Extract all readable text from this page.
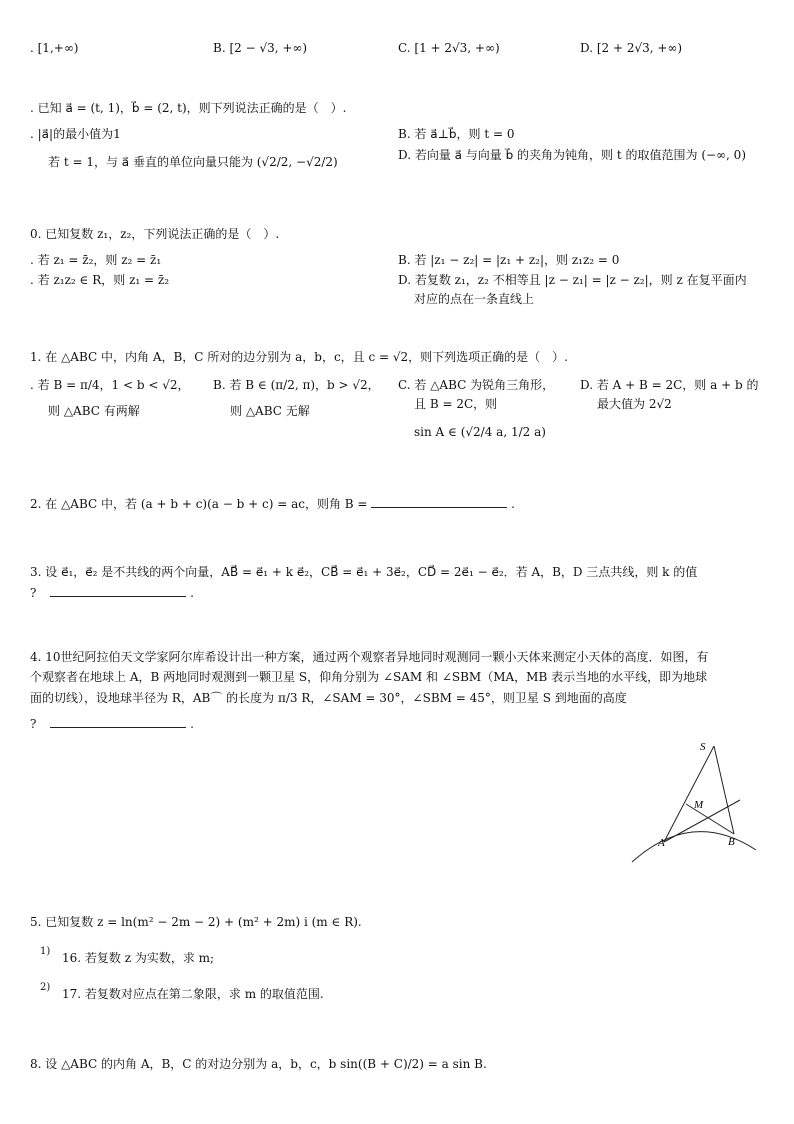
. [1,+∞)	B. [2 − √3, +∞)	C. [1 + 2√3, +∞)	D. [2 + 2√3, +∞)
. 已知 a⃗ = (t, 1)，b⃗ = (2, t)，则下列说法正确的是（　）.
. |a⃗|的最小值为1	B. 若 a⃗⊥b⃗，则 t = 0
若 t = 1，与 a⃗ 垂直的单位向量只能为 (√2/2, −√2/2)	D. 若向量 a⃗ 与向量 b⃗ 的夹角为钝角，则 t 的取值范围为 (−∞, 0)
0. 已知复数 z₁，z₂，下列说法正确的是（　）.
. 若 z₁ = z̄₂，则 z₂ = z̄₁	B. 若 |z₁ − z₂| = |z₁ + z₂|，则 z₁z₂ = 0
. 若 z₁z₂ ∈ R，则 z₁ = z̄₂	D. 若复数 z₁，z₂ 不相等且 |z − z₁| = |z − z₂|，则 z 在复平面内
对应的点在一条直线上
1. 在 △ABC 中，内角 A，B，C 所对的边分别为 a，b，c，且 c = √2，则下列选项正确的是（　）.
. 若 B = π/4，1 < b < √2，
则 △ABC 有两解
B. 若 B ∈ (π/2, π)，b > √2，
则 △ABC 无解
C. 若 △ABC 为锐角三角形，
且 B = 2C，则
sin A ∈ (√2/4 a, 1/2 a)
D. 若 A + B = 2C，则 a + b 的
最大值为 2√2
2. 在 △ABC 中，若 (a + b + c)(a − b + c) = ac，则角 B =	.
3. 设 e⃗₁，e⃗₂ 是不共线的两个向量，AB⃗ = e⃗₁ + k e⃗₂，CB⃗ = e⃗₁ + 3e⃗₂，CD⃗ = 2e⃗₁ − e⃗₂．若 A，B，D 三点共线，则 k 的值
?	.
4. 10世纪阿拉伯天文学家阿尔库希设计出一种方案，通过两个观察者异地同时观测同一颗小天体来测定小天体的高度．如图，有
个观察者在地球上 A，B 两地同时观测到一颗卫星 S，仰角分别为 ∠SAM 和 ∠SBM（MA，MB 表示当地的水平线，即为地球
面的切线），设地球半径为 R，AB⌒ 的长度为 π/3 R，∠SAM = 30°，∠SBM = 45°，则卫星 S 到地面的高度
?	.
S
M
A	B
5. 已知复数 z = ln(m² − 2m − 2) + (m² + 2m) i (m ∈ R).
1) 16. 若复数 z 为实数，求 m;
2) 17. 若复数对应点在第二象限，求 m 的取值范围.
8. 设 △ABC 的内角 A，B，C 的对边分别为 a，b，c，b sin((B + C)/2) = a sin B.
